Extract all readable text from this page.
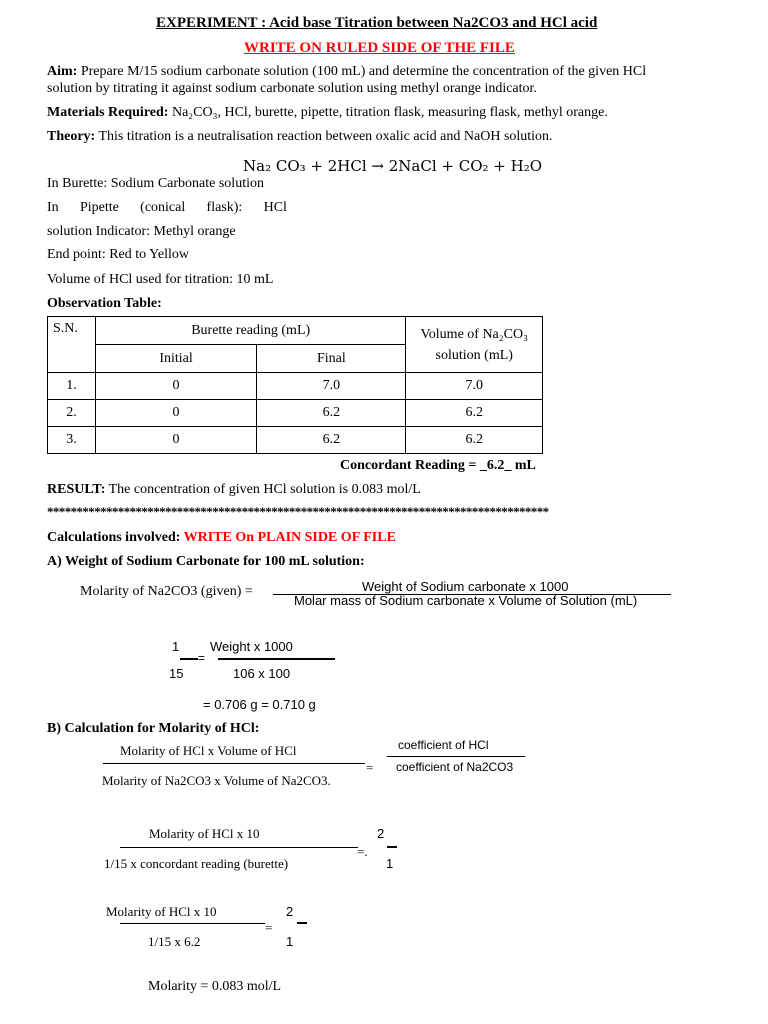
EXPERIMENT : Acid base Titration between Na2CO3 and HCl acid
WRITE ON RULED SIDE OF THE FILE
Aim: Prepare M/15 sodium carbonate solution (100 mL) and determine the concentration of the given HCl
solution by titrating it against sodium carbonate solution using methyl orange indicator.
Materials Required: Na₂CO₃, HCl, burette, pipette, titration flask, measuring flask, methyl orange.
Theory: This titration is a neutralisation reaction between oxalic acid and NaOH solution.
Na₂ CO₃ + 2HCl → 2NaCl + CO₂ + H₂O
In Burette: Sodium Carbonate solution
In Pipette (conical flask): HCl
solution Indicator: Methyl orange
End point: Red to Yellow
Volume of HCl used for titration: 10 mL
Observation Table:
S.N.	Burette reading (mL)		Volume of Na₂CO₃
solution (mL)

	Initial	Final	
1.	0	7.0	7.0
2.	0	6.2	6.2
3.	0	6.2	6.2
Concordant Reading = _6.2_ mL
RESULT: The concentration of given HCl solution is 0.083 mol/L
*************************************************************************************
Calculations involved: WRITE On PLAIN SIDE OF FILE
A) Weight of Sodium Carbonate for 100 mL solution:
Molarity of Na2CO3 (given) =	Weight of Sodium carbonate x 1000
Molar mass of Sodium carbonate x Volume of Solution (mL)
1
=
15
Weight x 1000
106 x 100
= 0.706 g = 0.710 g
B) Calculation for Molarity of HCl:
Molarity of HCl x Volume of HCl
Molarity of Na2CO3 x Volume of Na2CO3.
=
coefficient of HCl
coefficient of Na2CO3
Molarity of HCl x 10
1/15 x concordant reading (burette)
=.
2
1
Molarity of HCl x 10
1/15 x 6.2
=
2
1
Molarity = 0.083 mol/L
